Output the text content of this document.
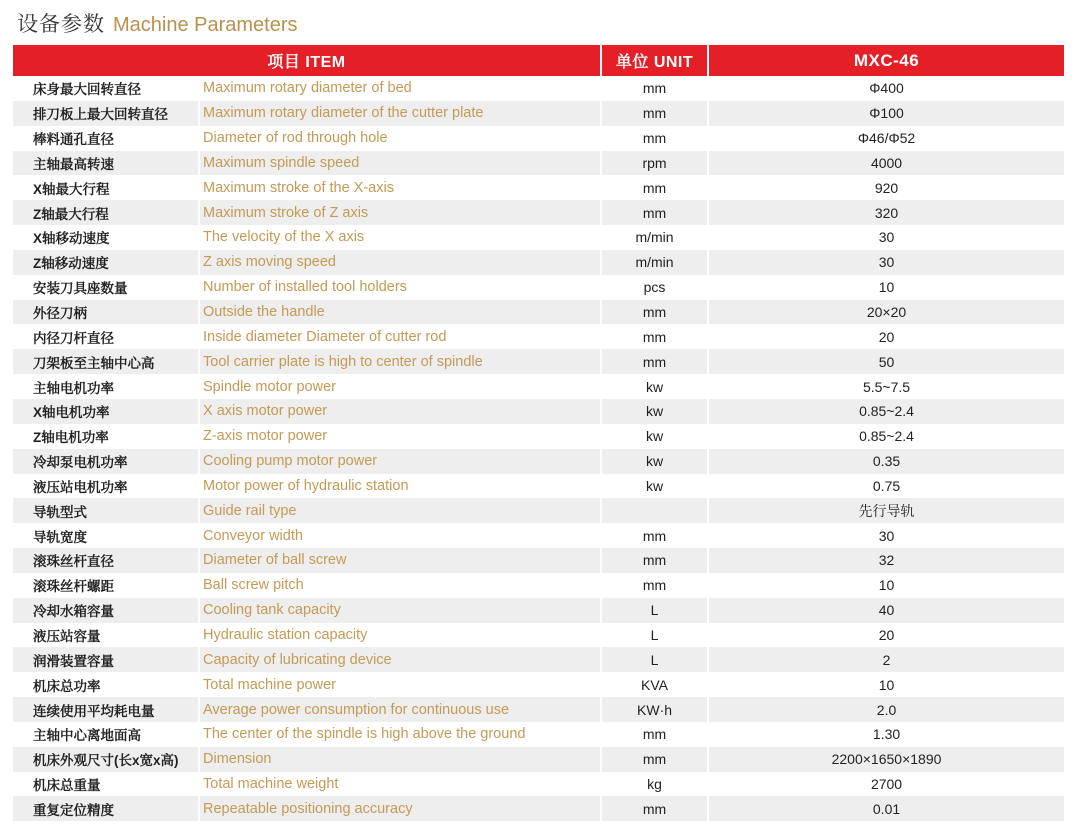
设备参数 Machine Parameters
项目 ITEM		单位 UNIT	MXC-46
床身最大回转直径	Maximum rotary diameter of bed	mm	Φ400
排刀板上最大回转直径	Maximum rotary diameter of the cutter plate	mm	Φ100
棒料通孔直径	Diameter of rod through hole	mm	Φ46/Φ52
主轴最高转速	Maximum spindle speed	rpm	4000
X轴最大行程	Maximum stroke of the X-axis	mm	920
Z轴最大行程	Maximum stroke of Z axis	mm	320
X轴移动速度	The velocity of the X axis	m/min	30
Z轴移动速度	Z axis moving speed	m/min	30
安装刀具座数量	Number of installed tool holders	pcs	10
外径刀柄	Outside the handle	mm	20×20
内径刀杆直径	Inside diameter Diameter of cutter rod	mm	20
刀架板至主轴中心高	Tool carrier plate is high to center of spindle	mm	50
主轴电机功率	Spindle motor power	kw	5.5~7.5
X轴电机功率	X axis motor power	kw	0.85~2.4
Z轴电机功率	Z-axis motor power	kw	0.85~2.4
冷却泵电机功率	Cooling pump motor power	kw	0.35
液压站电机功率	Motor power of hydraulic station	kw	0.75
导轨型式	Guide rail type		先行导轨
导轨宽度	Conveyor width	mm	30
滚珠丝杆直径	Diameter of ball screw	mm	32
滚珠丝杆螺距	Ball screw pitch	mm	10
冷却水箱容量	Cooling tank capacity	L	40
液压站容量	Hydraulic station capacity	L	20
润滑装置容量	Capacity of lubricating device	L	2
机床总功率	Total machine power	KVA	10
连续使用平均耗电量	Average power consumption for continuous use	KW·h	2.0
主轴中心离地面高	The center of the spindle is high above the ground	mm	1.30
机床外观尺寸(长x宽x高)	Dimension	mm	2200×1650×1890
机床总重量	Total machine weight	kg	2700
重复定位精度	Repeatable positioning accuracy	mm	0.01
